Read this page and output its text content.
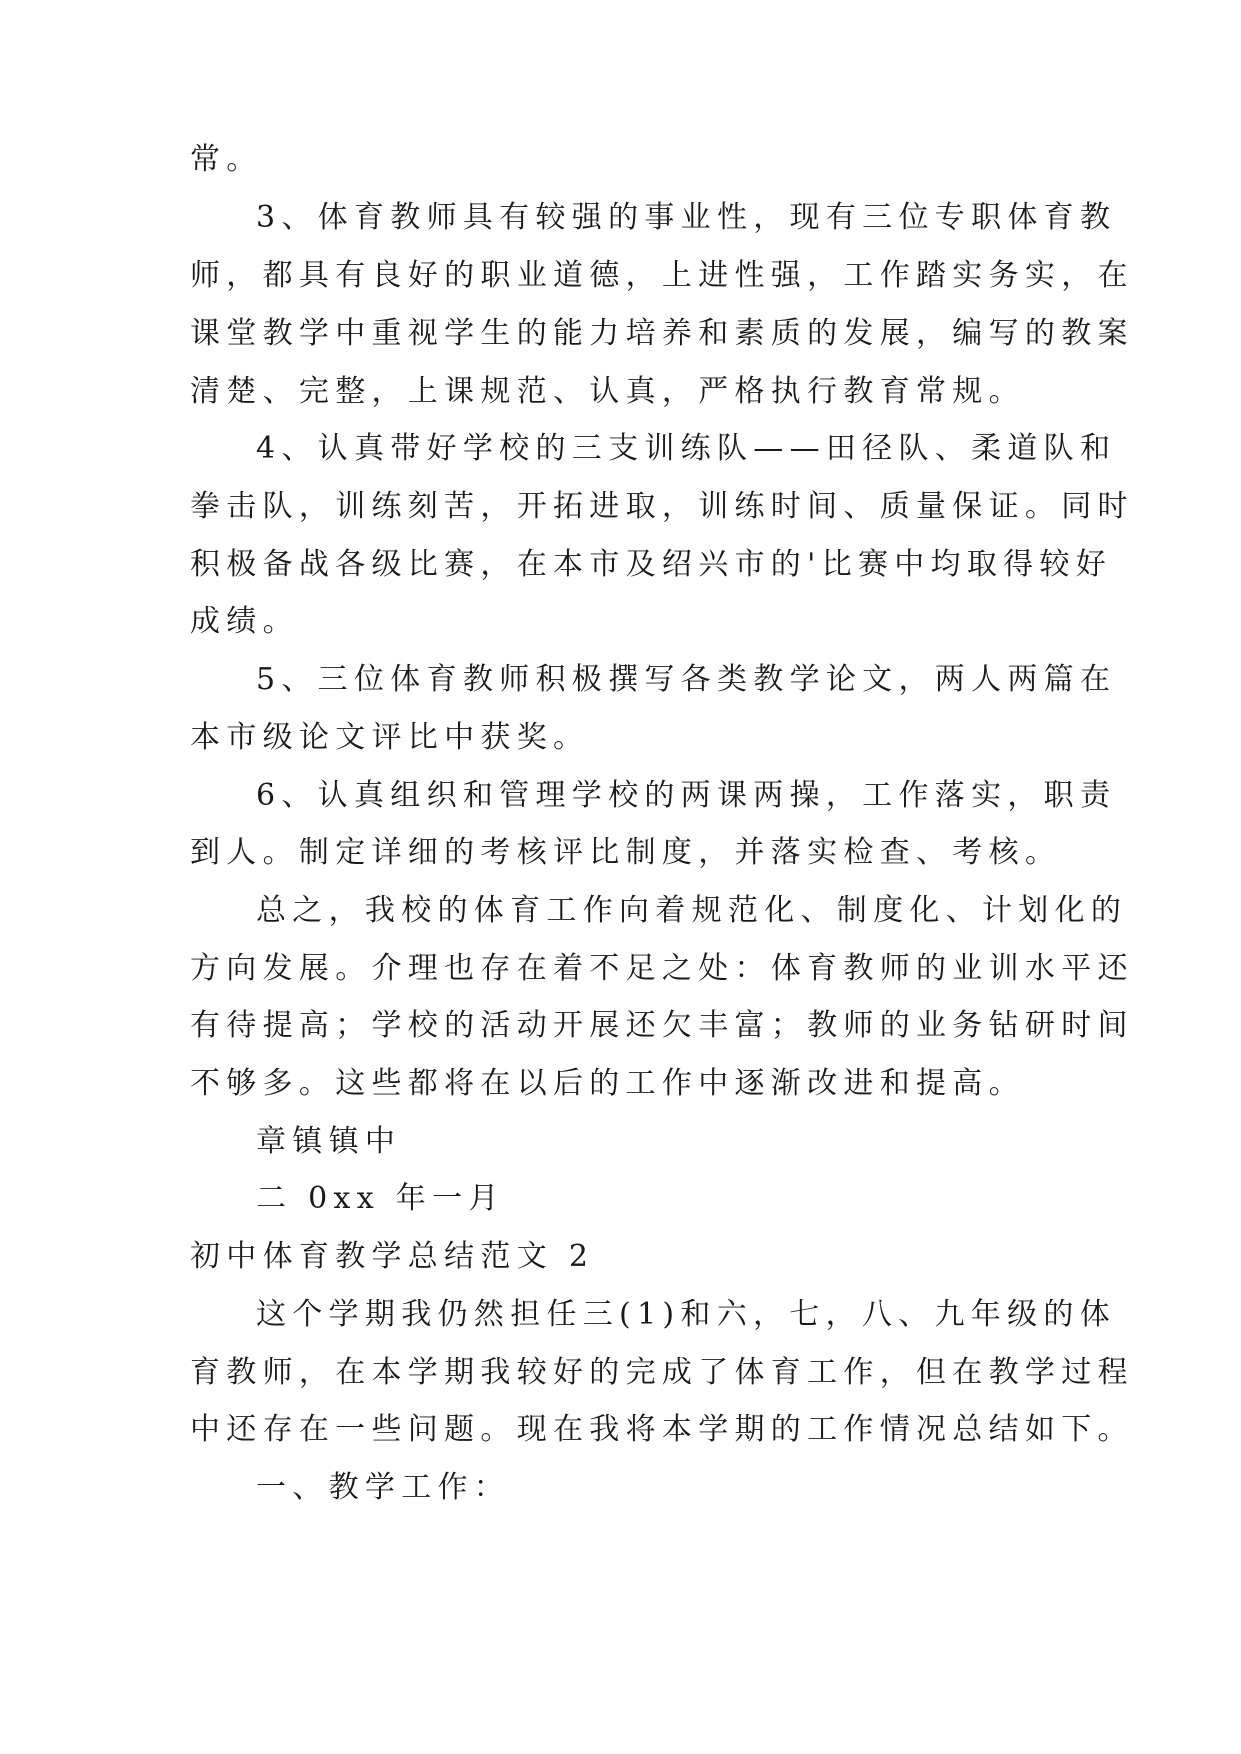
常。
3、体育教师具有较强的事业性，现有三位专职体育教
师，都具有良好的职业道德，上进性强，工作踏实务实，在
课堂教学中重视学生的能力培养和素质的发展，编写的教案
清楚、完整，上课规范、认真，严格执行教育常规。
4、认真带好学校的三支训练队——田径队、柔道队和
拳击队，训练刻苦，开拓进取，训练时间、质量保证。同时
积极备战各级比赛，在本市及绍兴市的'比赛中均取得较好
成绩。
5、三位体育教师积极撰写各类教学论文，两人两篇在
本市级论文评比中获奖。
6、认真组织和管理学校的两课两操，工作落实，职责
到人。制定详细的考核评比制度，并落实检查、考核。
总之，我校的体育工作向着规范化、制度化、计划化的
方向发展。介理也存在着不足之处：体育教师的业训水平还
有待提高；学校的活动开展还欠丰富；教师的业务钻研时间
不够多。这些都将在以后的工作中逐渐改进和提高。
章镇镇中
二 0xx 年一月
初中体育教学总结范文 2
这个学期我仍然担任三(1)和六，七，八、九年级的体
育教师，在本学期我较好的完成了体育工作，但在教学过程
中还存在一些问题。现在我将本学期的工作情况总结如下。
一、教学工作：
